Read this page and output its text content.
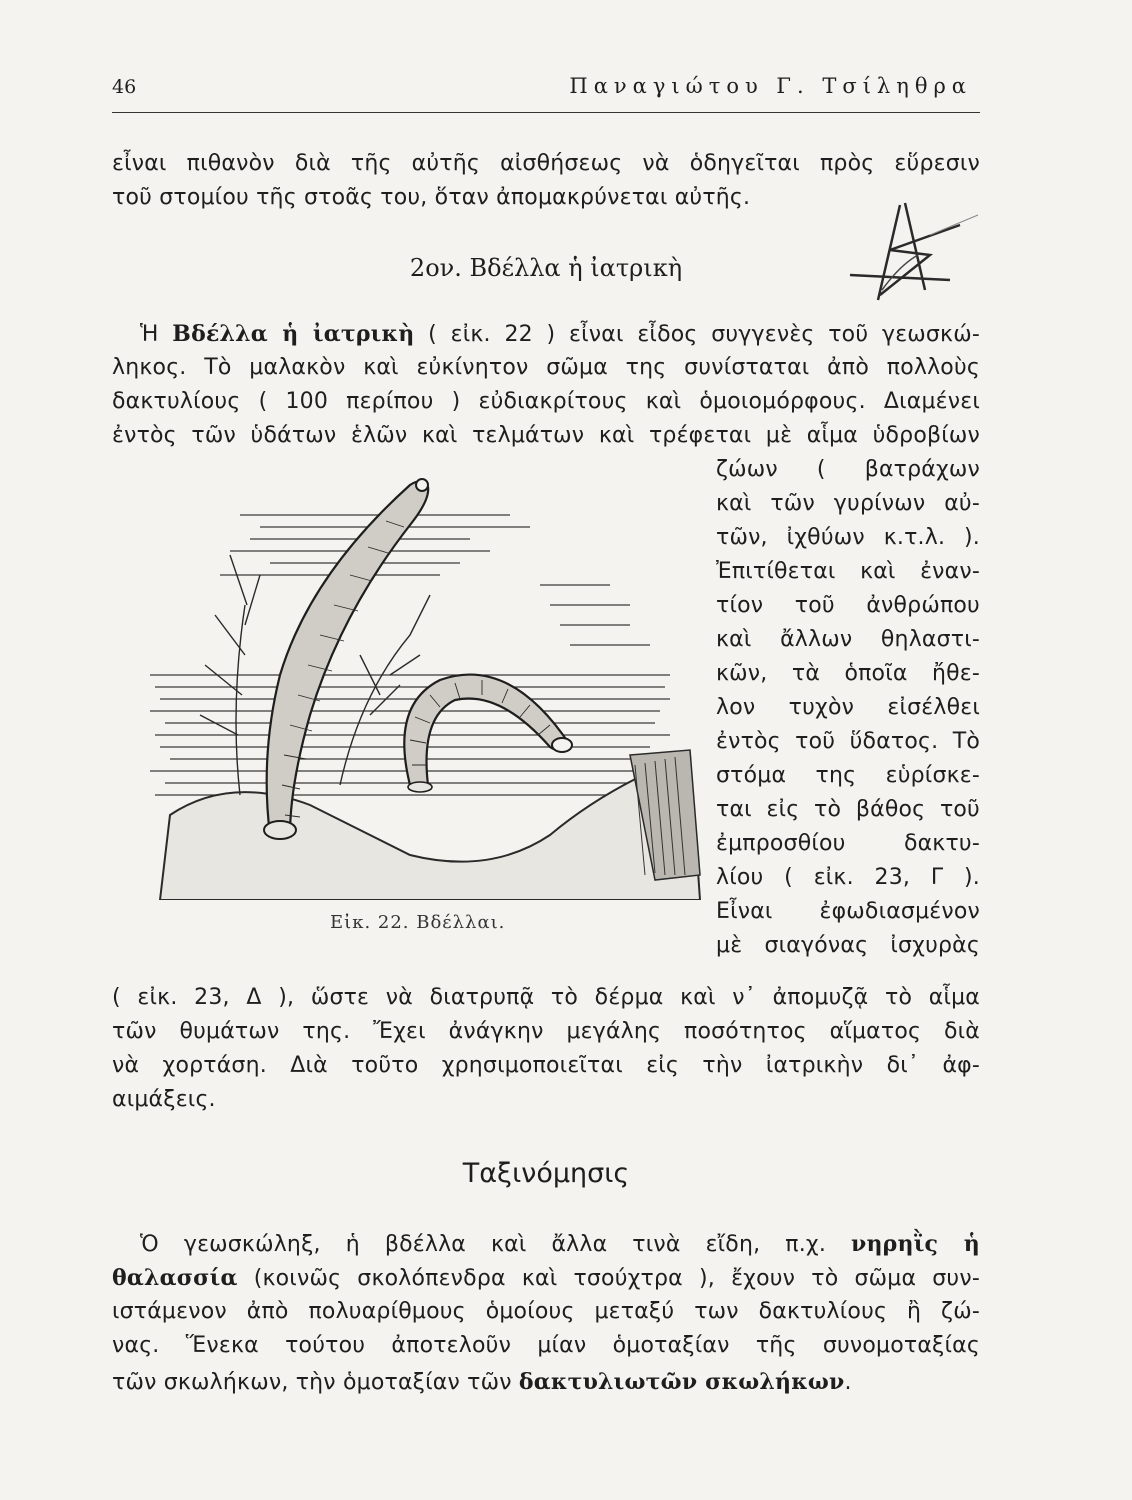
46	Παναγιώτου Γ. Τσίληθρα
εἶναι πιθανὸν διὰ τῆς αὐτῆς αἰσθήσεως νὰ ὁδηγεῖται πρὸς εὕρεσιν
τοῦ στομίου τῆς στοᾶς του, ὅταν ἀπομακρύνεται αὐτῆς.
2ον. Βδέλλα ἡ ἰατρικὴ
Ἡ Βδέλλα ἡ ἰατρικὴ ( εἰκ. 22 ) εἶναι εἶδος συγγενὲς τοῦ γεωσκώ-
ληκος. Τὸ μαλακὸν καὶ εὐκίνητον σῶμα της συνίσταται ἀπὸ πολλοὺς
δακτυλίους ( 100 περίπου ) εὐδιακρίτους καὶ ὁμοιομόρφους. Διαμένει
ἐντὸς τῶν ὑδάτων ἑλῶν καὶ τελμάτων καὶ τρέφεται μὲ αἷμα ὑδροβίων
ζώων ( βατράχων
καὶ τῶν γυρίνων αὐ-
τῶν, ἰχθύων κ.τ.λ. ).
Ἐπιτίθεται καὶ ἐναν-
τίον τοῦ ἀνθρώπου
καὶ ἄλλων θηλαστι-
κῶν, τὰ ὁποῖα ἤθε-
λον τυχὸν εἰσέλθει
ἐντὸς τοῦ ὕδατος. Τὸ
στόμα της εὑρίσκε-
ται εἰς τὸ βάθος τοῦ
ἐμπροσθίου δακτυ-
λίου ( εἰκ. 23, Γ ).
Εἶναι ἐφωδιασμένον
μὲ σιαγόνας ἰσχυρὰς
Εἰκ. 22. Βδέλλαι.
( εἰκ. 23, Δ ), ὥστε νὰ διατρυπᾷ τὸ δέρμα καὶ ν᾽ ἀπομυζᾷ τὸ αἷμα
τῶν θυμάτων της. Ἔχει ἀνάγκην μεγάλης ποσότητος αἵματος διὰ
νὰ χορτάση. Διὰ τοῦτο χρησιμοποιεῖται εἰς τὴν ἰατρικὴν δι᾽ ἀφ-
αιμάξεις.
Ταξινόμησις
Ὁ γεωσκώληξ, ἡ βδέλλα καὶ ἄλλα τινὰ εἴδη, π.χ. νηρηῒς ἡ
θαλασσία (κοινῶς σκολόπενδρα καὶ τσούχτρα ), ἔχουν τὸ σῶμα συν-
ιστάμενον ἀπὸ πολυαρίθμους ὁμοίους μεταξύ των δακτυλίους ἢ ζώ-
νας. Ἕνεκα τούτου ἀποτελοῦν μίαν ὁμοταξίαν τῆς συνομοταξίας
τῶν σκωλήκων, τὴν ὁμοταξίαν τῶν δακτυλιωτῶν σκωλήκων.
